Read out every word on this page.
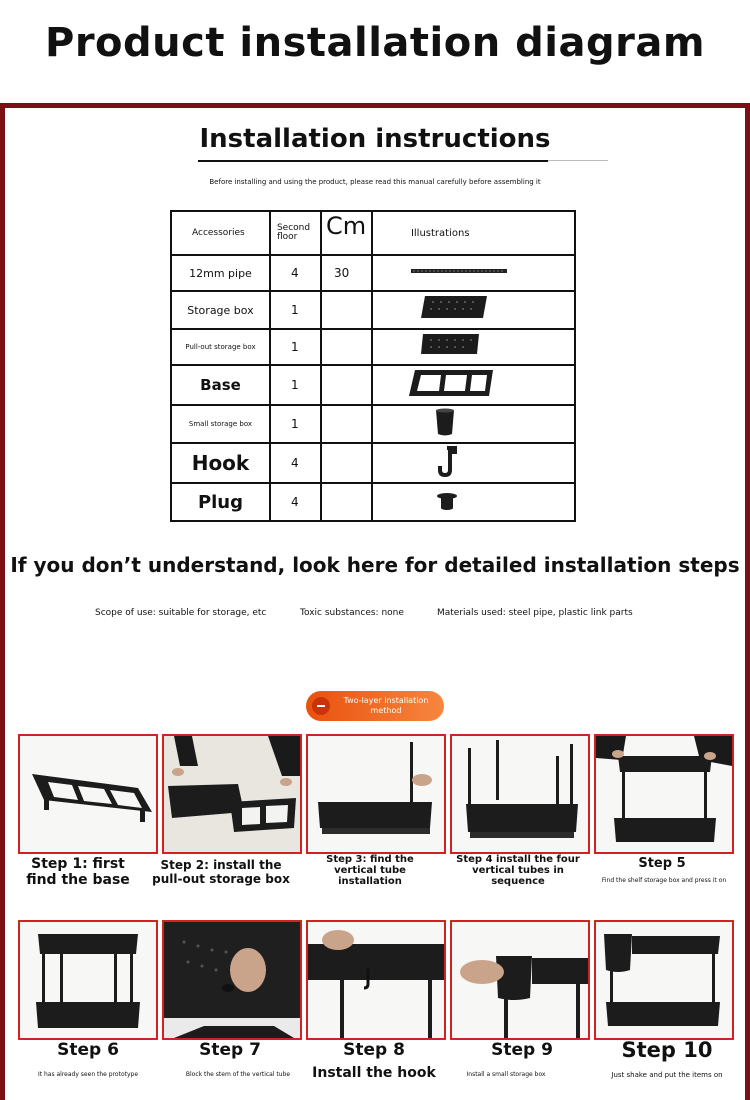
Product installation diagram
Installation instructions
Before installing and using the product, please read this manual carefully before assembling it
Accessories	Second floor	Cm	Illustrations
12mm pipe	4	30	
Storage box	1		
Pull-out storage box	1		
Base	1		
Small storage box	1		
Hook	4		
Plug	4		
If you don’t understand, look here for detailed installation steps
Scope of use: suitable for storage, etc	Toxic substances: none	Materials used: steel pipe, plastic link parts
Two-layer installation method
Step 1: first find the base
Step 2: install the pull-out storage box
Step 3: find the vertical tube installation
Step 4 install the four vertical tubes in sequence
Step 5
Find the shelf storage box and press it on
Step 6
It has already seen the prototype
Step 7
Block the stem of the vertical tube
Step 8
Install the hook
Step 9
Install a small storage box
Step 10
Just shake and put the items on
